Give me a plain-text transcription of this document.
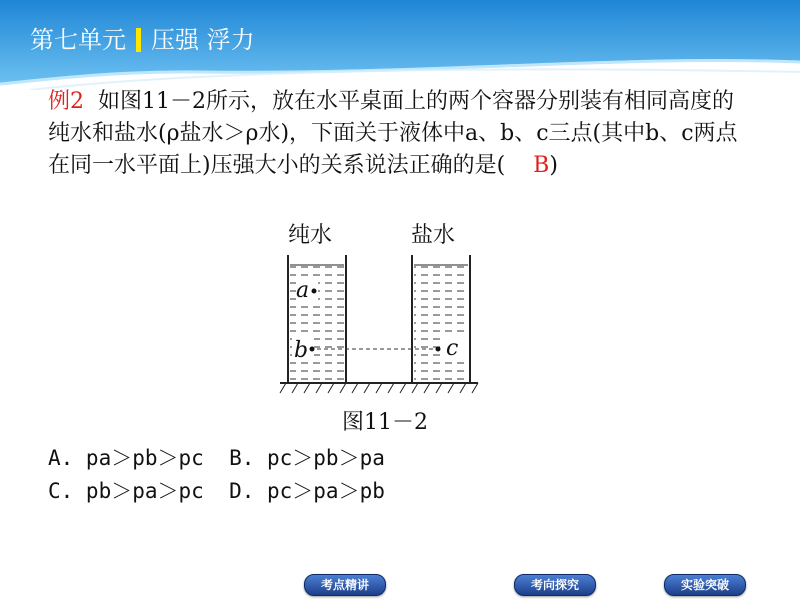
第七单元 压强 浮力
例2 如图11－2所示，放在水平桌面上的两个容器分别装有相同高度的纯水和盐水(ρ盐水＞ρ水)，下面关于液体中a、b、c三点(其中b、c两点在同一水平面上)压强大小的关系说法正确的是( B)
纯水	盐水
a
b	c
图11－2
A. pa＞pb＞pc  B. pc＞pb＞pa
C. pb＞pa＞pc  D. pc＞pa＞pb
考点精讲	考向探究	实验突破
